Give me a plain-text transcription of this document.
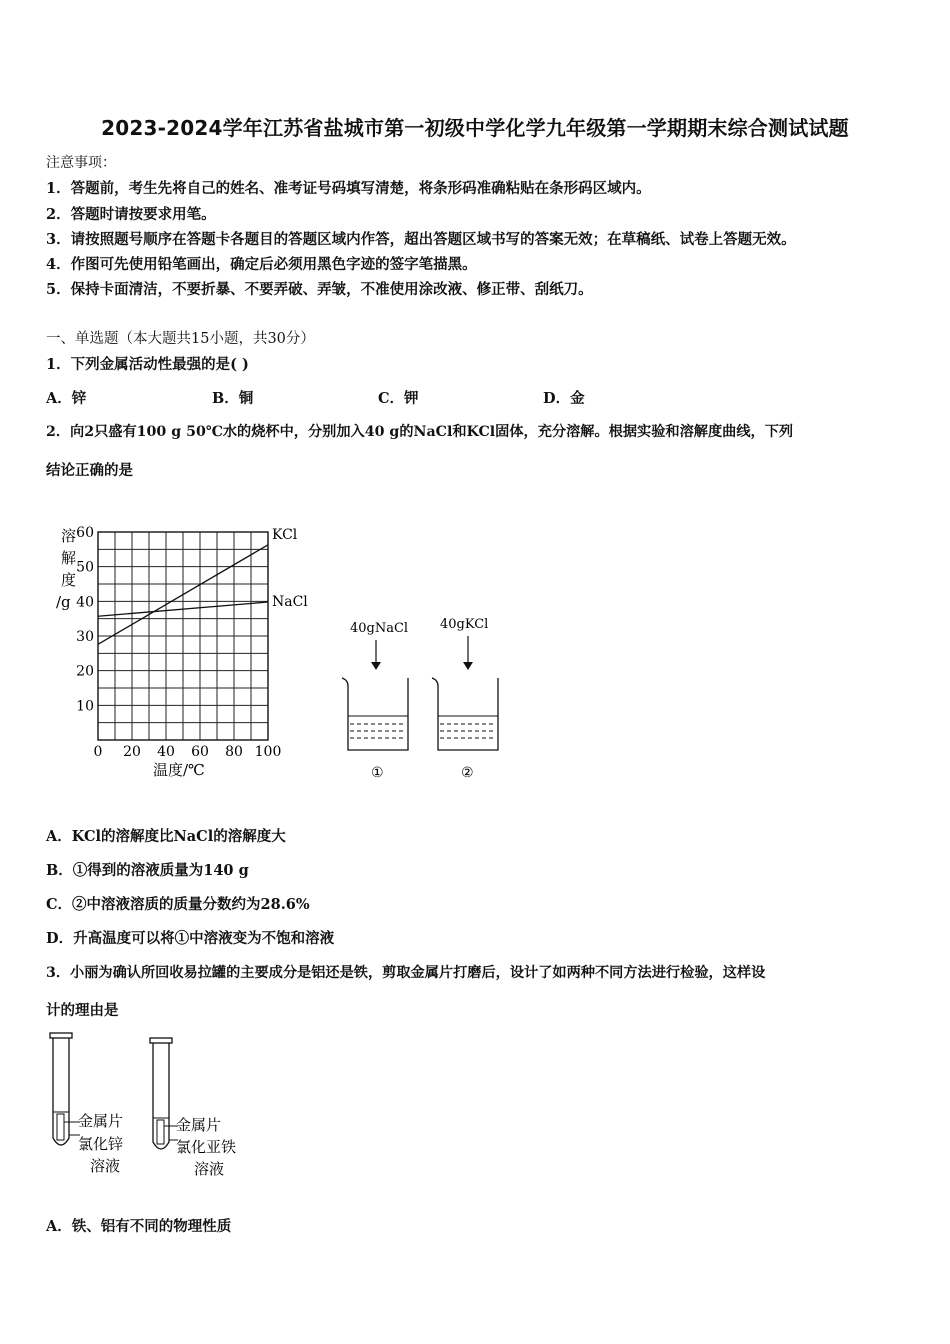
2023-2024学年江苏省盐城市第一初级中学化学九年级第一学期期末综合测试试题
注意事项：
1．答题前，考生先将自己的姓名、准考证号码填写清楚，将条形码准确粘贴在条形码区域内。
2．答题时请按要求用笔。
3．请按照题号顺序在答题卡各题目的答题区域内作答，超出答题区域书写的答案无效；在草稿纸、试卷上答题无效。
4．作图可先使用铅笔画出，确定后必须用黑色字迹的签字笔描黑。
5．保持卡面清洁，不要折暴、不要弄破、弄皱，不准使用涂改液、修正带、刮纸刀。
一、单选题（本大题共15小题，共30分）
1．下列金属活动性最强的是( )
A．锌	B．铜	C．钾	D．金
2．向2只盛有100 g 50℃水的烧杯中，分别加入40 g的NaCl和KCl固体，充分溶解。根据实验和溶解度曲线，下列
结论正确的是
0 20 40 60 80 100
10
20
30
40
50
60	KCl
NaCl
溶
解
度
/g
温度/℃
40gNaCl 40gKCl
①	②
A．KCl的溶解度比NaCl的溶解度大
B．①得到的溶液质量为140 g
C．②中溶液溶质的质量分数约为28.6%
D．升高温度可以将①中溶液变为不饱和溶液
3．小丽为确认所回收易拉罐的主要成分是铝还是铁，剪取金属片打磨后，设计了如两种不同方法进行检验，这样设
计的理由是
金属片
氯化锌
溶液
金属片
氯化亚铁
溶液
A．铁、铝有不同的物理性质
